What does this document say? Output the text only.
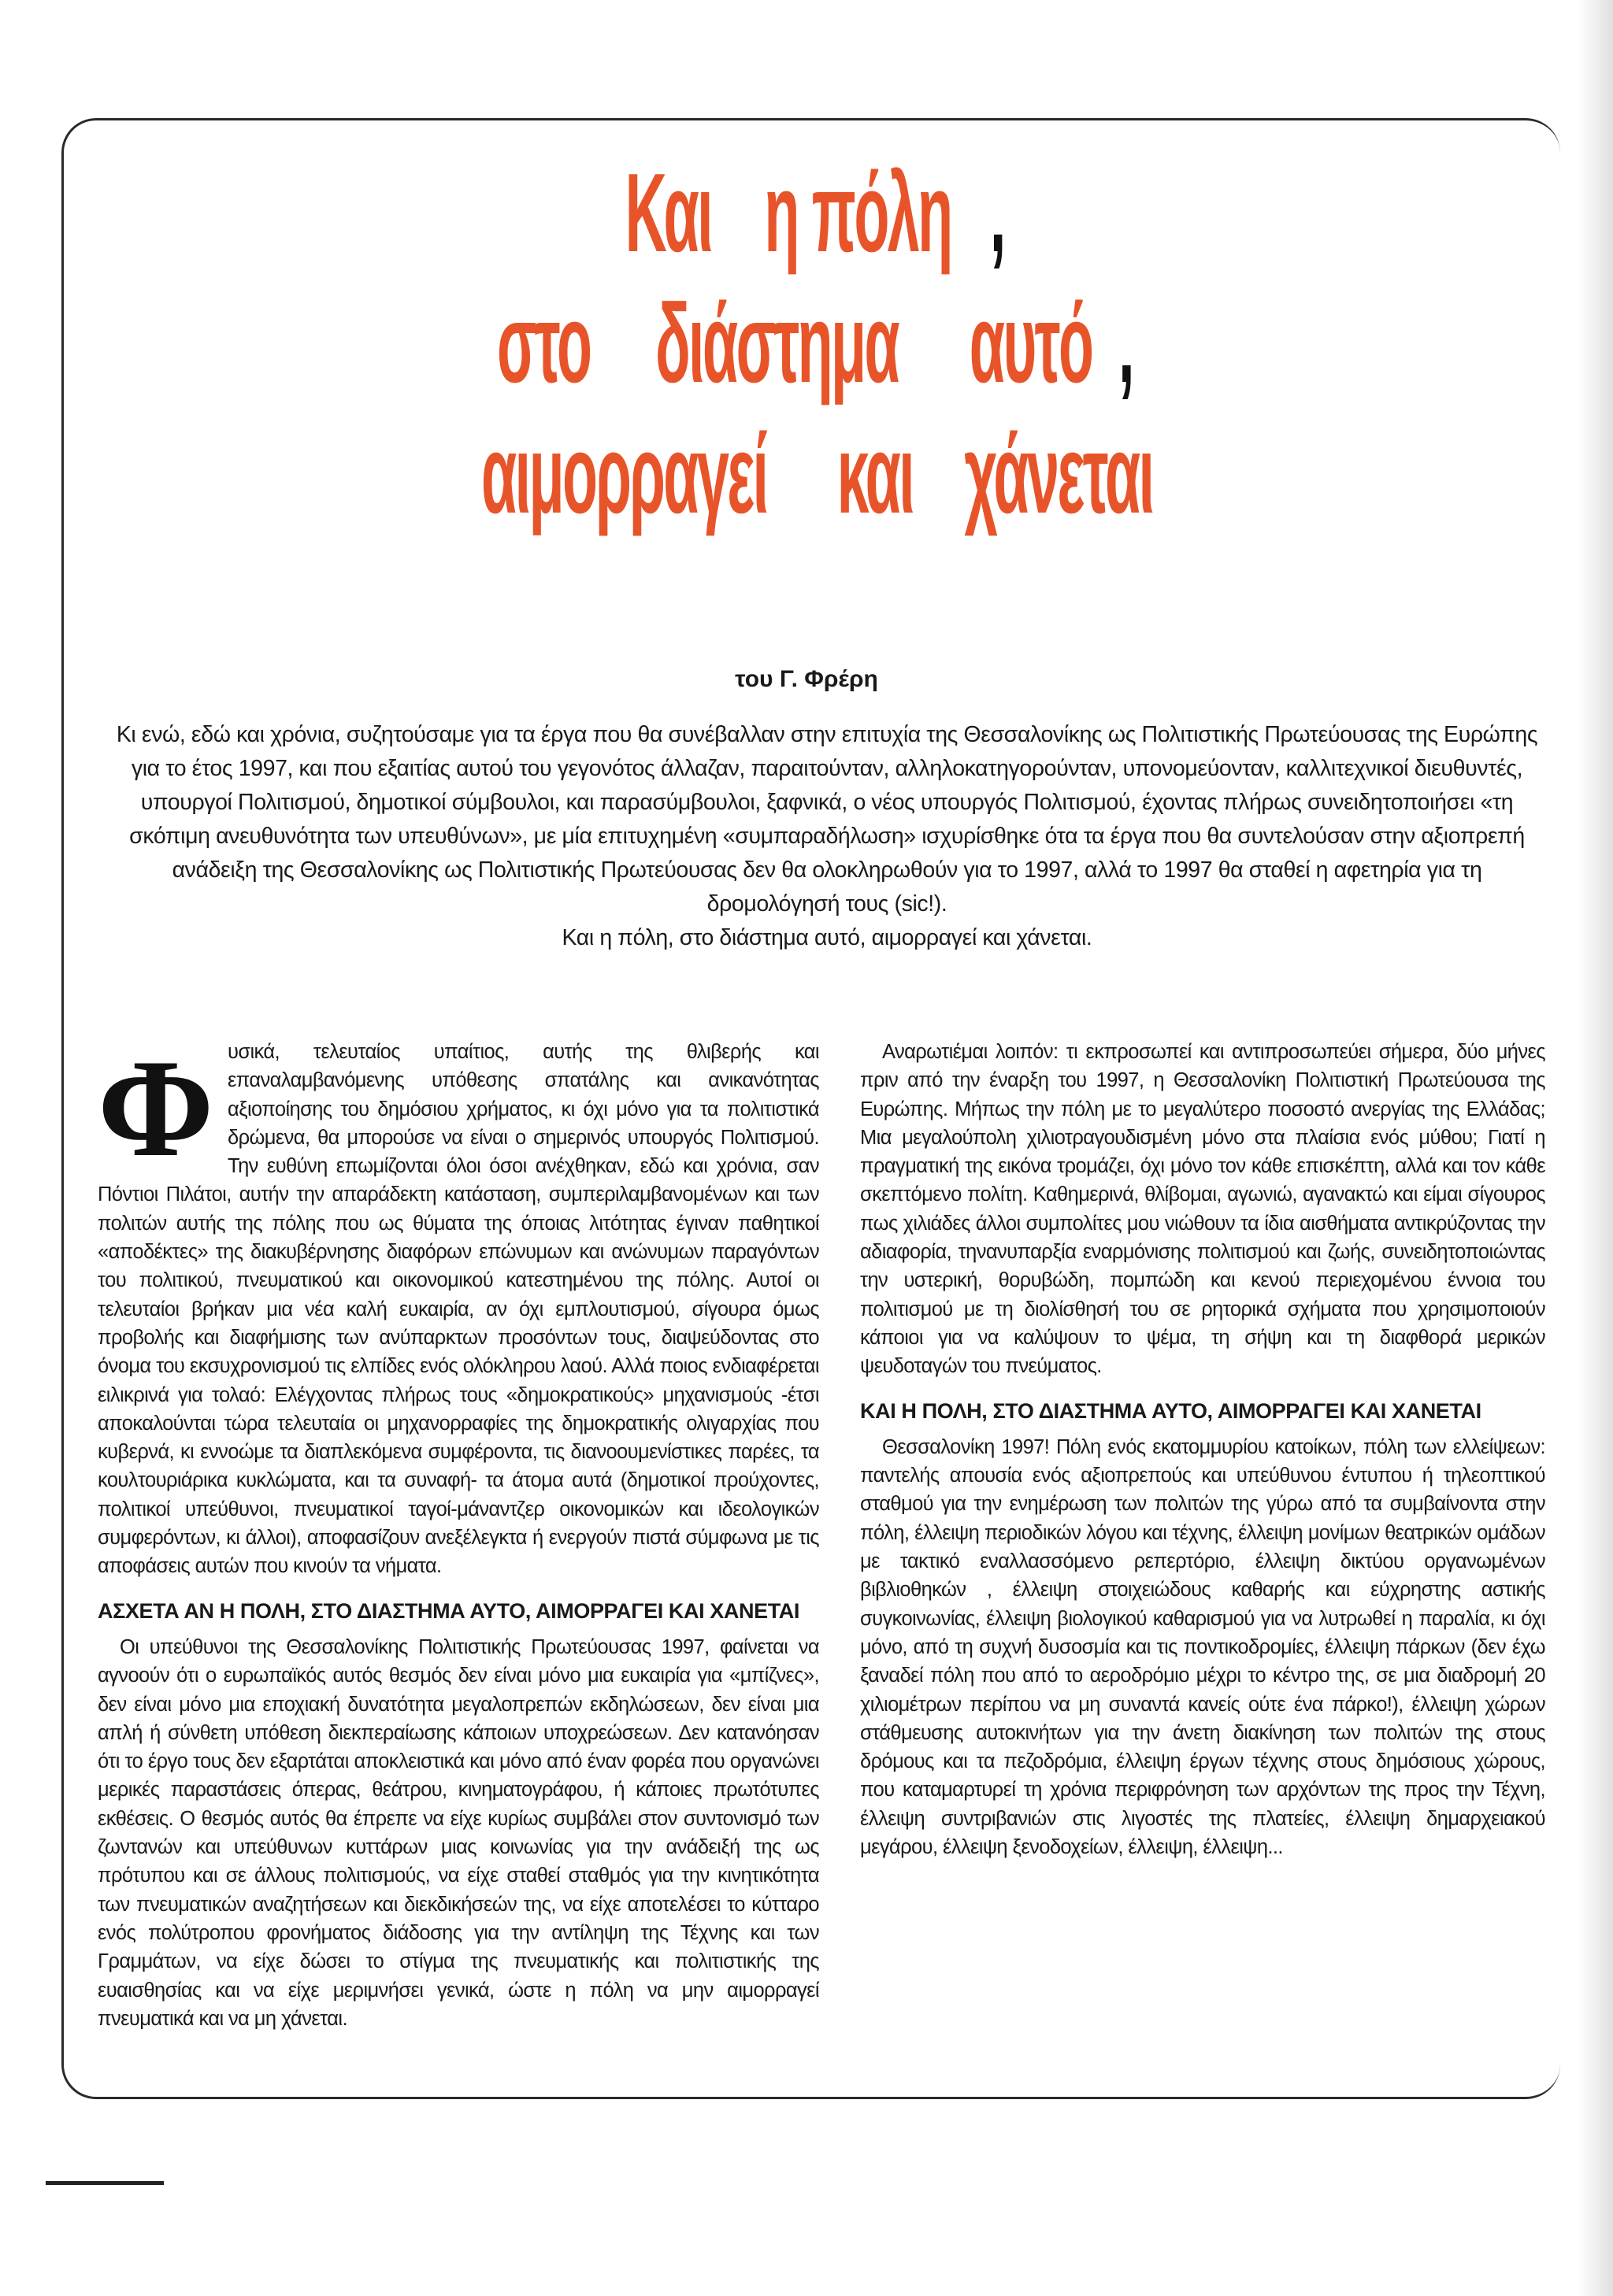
Καιη πόλη ,
στοδιάστημααυτό ,
αιμορραγείκαιχάνεται

του Γ. Φρέρη

Κι ενώ, εδώ και χρόνια, συζητούσαμε για τα έργα που θα συνέβαλλαν στην επιτυχία της Θεσσαλονίκης ως Πολιτιστικής Πρωτεύουσας της Ευρώπης για το έτος 1997, και που εξαιτίας αυτού του γεγονότος άλλαζαν, παραιτούνταν, αλληλοκατηγορούνταν, υπονομεύονταν, καλλιτεχνικοί διευθυντές, υπουργοί Πολιτισμού, δημοτικοί σύμβουλοι, και παρασύμβουλοι, ξαφνικά, ο νέος υπουργός Πολιτισμού, έχοντας πλήρως συνειδητοποιήσει «τη σκόπιμη ανευθυνότητα των υπευθύνων», με μία επιτυχημένη «συμπαραδήλωση» ισχυρίσθηκε ότα τα έργα που θα συντελούσαν στην αξιοπρεπή ανάδειξη της Θεσσαλονίκης ως Πολιτιστικής Πρωτεύουσας δεν θα ολοκληρωθούν για το 1997, αλλά το 1997 θα σταθεί η αφετηρία για τη δρομολόγησή τους (sic!).

Και η πόλη, στο διάστημα αυτό, αιμορραγεί και χάνεται.

Φυσικά, τελευταίος υπαίτιος, αυτής της θλιβερής και επαναλαμβανόμενης υπόθεσης σπατάλης και ανικανότητας αξιοποίησης του δημόσιου χρήματος, κι όχι μόνο για τα πολιτιστικά δρώμενα, θα μπορούσε να είναι ο σημερινός υπουργός Πολιτισμού. Την ευθύνη επωμίζονται όλοι όσοι ανέχθηκαν, εδώ και χρόνια, σαν Πόντιοι Πιλάτοι, αυτήν την απαράδεκτη κατάσταση, συμπεριλαμβανομένων και των πολιτών αυτής της πόλης που ως θύματα της όποιας λιτότητας έγιναν παθητικοί «αποδέκτες» της διακυβέρνησης διαφόρων επώνυμων και ανώνυμων παραγόντων του πολιτικού, πνευματικού και οικονομικού κατεστημένου της πόλης. Αυτοί οι τελευταίοι βρήκαν μια νέα καλή ευκαιρία, αν όχι εμπλουτισμού, σίγουρα όμως προβολής και διαφήμισης των ανύπαρκτων προσόντων τους, διαψεύδοντας στο όνομα του εκσυχρονισμού τις ελπίδες ενός ολόκληρου λαού. Αλλά ποιος ενδιαφέρεται ειλικρινά για τολαό: Ελέγχοντας πλήρως τους «δημοκρατικούς» μηχανισμούς -έτσι αποκαλούνται τώρα τελευταία οι μηχανορραφίες της δημοκρατικής ολιγαρχίας που κυβερνά, κι εννοώμε τα διαπλεκόμενα συμφέροντα, τις διανοουμενίστικες παρέες, τα κουλτουριάρικα κυκλώματα, και τα συναφή- τα άτομα αυτά (δημοτικοί πρoύχοντες, πολιτικοί υπεύθυνοι, πνευματικοί ταγοί-μάναντζερ οικονομικών και ιδεολογικών συμφερόντων, κι άλλοι), αποφασίζουν ανεξέλεγκτα ή ενεργούν πιστά σύμφωνα με τις αποφάσεις αυτών που κινούν τα νήματα.

ΑΣΧΕΤΑ ΑΝ Η ΠΟΛΗ, ΣΤΟ ΔΙΑΣΤΗΜΑ ΑΥΤΟ, ΑΙΜΟΡΡΑΓΕΙ ΚΑΙ ΧΑΝΕΤΑΙ

Οι υπεύθυνοι της Θεσσαλονίκης Πολιτιστικής Πρωτεύουσας 1997, φαίνεται να αγνοούν ότι ο ευρωπαϊκός αυτός θεσμός δεν είναι μόνο μια ευκαιρία για «μπίζνες», δεν είναι μόνο μια εποχιακή δυνατότητα μεγαλοπρεπών εκδηλώσεων, δεν είναι μια απλή ή σύνθετη υπόθεση διεκπεραίωσης κάποιων υποχρεώσεων. Δεν κατανόησαν ότι το έργο τους δεν εξαρτάται αποκλειστικά και μόνο από έναν φορέα που οργανώνει μερικές παραστάσεις όπερας, θεάτρου, κινηματογράφου, ή κάποιες πρωτότυπες εκθέσεις. Ο θεσμός αυτός θα έπρεπε να είχε κυρίως συμβάλει στον συντονισμό των ζωντανών και υπεύθυνων κυττάρων μιας κοινωνίας για την ανάδειξή της ως πρότυπου και σε άλλους πολιτισμούς, να είχε σταθεί σταθμός για την κινητικότητα των πνευματικών αναζητήσεων και διεκδικήσεών της, να είχε αποτελέσει το κύτταρο ενός πολύτροπου φρονήματος διάδοσης για την αντίληψη της Τέχνης και των Γραμμάτων, να είχε δώσει το στίγμα της πνευματικής και πολιτιστικής της ευαισθησίας και να είχε μεριμνήσει γενικά, ώστε η πόλη να μην αιμορραγεί πνευματικά και να μη χάνεται.

Αναρωτιέμαι λοιπόν: τι εκπροσωπεί και αντιπροσωπεύει σήμερα, δύο μήνες πριν από την έναρξη του 1997, η Θεσσαλονίκη Πολιτιστική Πρωτεύουσα της Ευρώπης. Μήπως την πόλη με το μεγαλύτερο ποσοστό ανεργίας της Ελλάδας; Μια μεγαλούπολη χιλιοτραγουδισμένη μόνο στα πλαίσια ενός μύθου; Γιατί η πραγματική της εικόνα τρομάζει, όχι μόνο τον κάθε επισκέπτη, αλλά και τον κάθε σκεπτόμενο πολίτη. Καθημερινά, θλίβομαι, αγωνιώ, αγανακτώ και είμαι σίγουρος πως χιλιάδες άλλοι συμπολίτες μου νιώθουν τα ίδια αισθήματα αντικρύζοντας την αδιαφορία, τηνανυπαρξία εναρμόνισης πολιτισμού και ζωής, συνειδητοποιώντας την υστερική, θορυβώδη, πομπώδη και κενού περιεχομένου έννοια του πολιτισμού με τη διολίσθησή του σε ρητορικά σχήματα που χρησιμοποιούν κάποιοι για να καλύψουν το ψέμα, τη σήψη και τη διαφθορά μερικών ψευδοταγών του πνεύματος.

ΚΑΙ Η ΠΟΛΗ, ΣΤΟ ΔΙΑΣΤΗΜΑ ΑΥΤΟ, ΑΙΜΟΡΡΑΓΕΙ ΚΑΙ ΧΑΝΕΤΑΙ

Θεσσαλονίκη 1997! Πόλη ενός εκατομμυρίου κατοίκων, πόλη των ελλείψεων: παντελής απουσία ενός αξιοπρεπούς και υπεύθυνου έντυπου ή τηλεοπτικού σταθμού για την ενημέρωση των πολιτών της γύρω από τα συμβαίνοντα στην πόλη, έλλειψη περιοδικών λόγου και τέχνης, έλλειψη μονίμων θεατρικών ομάδων με τακτικό εναλλασσόμενο ρεπερτόριο, έλλειψη δικτύου οργανωμένων βιβλιοθηκών , έλλειψη στοιχειώδους καθαρής και εύχρηστης αστικής συγκοινωνίας, έλλειψη βιολογικού καθαρισμού για να λυτρωθεί η παραλία, κι όχι μόνο, από τη συχνή δυσοσμία και τις ποντικοδρομίες, έλλειψη πάρκων (δεν έχω ξαναδεί πόλη που από το αεροδρόμιο μέχρι το κέντρο της, σε μια διαδρομή 20 χιλιομέτρων περίπου να μη συναντά κανείς ούτε ένα πάρκο!), έλλειψη χώρων στάθμευσης αυτοκινήτων για την άνετη διακίνηση των πολιτών της στους δρόμους και τα πεζοδρόμια, έλλειψη έργων τέχνης στους δημόσιους χώρους, που καταμαρτυρεί τη χρόνια περιφρόνηση των αρχόντων της προς την Τέχνη, έλλειψη συντριβανιών στις λιγοστές της πλατείες, έλλειψη δημαρχειακού μεγάρου, έλλειψη ξενοδοχείων, έλλειψη, έλλειψη...
